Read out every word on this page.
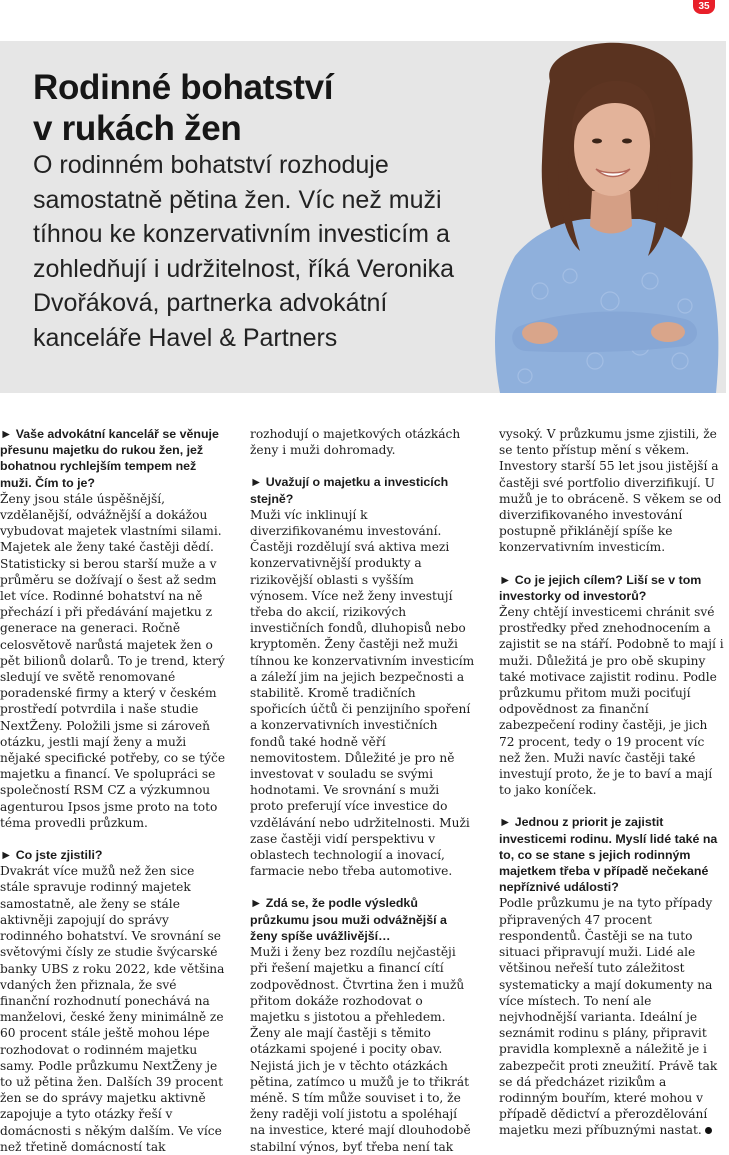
35
Rodinné bohatství
v rukách žen

O rodinném bohatství rozhoduje samostatně pětina žen. Víc než muži tíhnou ke konzervativním investicím a zohledňují i udržitelnost, říká Veronika Dvořáková, partnerka advokátní kanceláře Havel & Partners

► Vaše advokátní kancelář se věnuje přesunu majetku do rukou žen, jež bohatnou rychlejším tempem než muži. Čím to je?

Ženy jsou stále úspěšnější, vzdělanější, odvážnější a dokážou vybudovat majetek vlastními silami. Majetek ale ženy také častěji dědí. Statisticky si berou starší muže a v průměru se dožívají o šest až sedm let více. Rodinné bohatství na ně přechází i při předávání majetku z generace na generaci. Ročně celosvětově narůstá majetek žen o pět bilionů dolarů. To je trend, který sledují ve světě renomované poradenské firmy a který v českém prostředí potvrdila i naše studie NextŽeny. Položili jsme si zároveň otázku, jestli mají ženy a muži nějaké specifické potřeby, co se týče majetku a financí. Ve spolupráci se společností RSM CZ a výzkumnou agenturou Ipsos jsme proto na toto téma provedli průzkum.

► Co jste zjistili?

Dvakrát více mužů než žen sice stále spravuje rodinný majetek samostatně, ale ženy se stále aktivněji zapojují do správy rodinného bohatství. Ve srovnání se světovými čísly ze studie švýcarské banky UBS z roku 2022, kde většina vdaných žen přiznala, že své finanční rozhodnutí ponechává na manželovi, české ženy minimálně ze 60 procent stále ještě mohou lépe rozhodovat o rodinném majetku samy. Podle průzkumu NextŽeny je to už pětina žen. Dalších 39 procent žen se do správy majetku aktivně zapojuje a tyto otázky řeší v domácnosti s někým dalším. Ve více než třetině domácností tak

rozhodují o majetkových otázkách ženy i muži dohromady.

► Uvažují o majetku a investicích stejně?

Muži víc inklinují k diverzifikovanému investování. Častěji rozdělují svá aktiva mezi konzervativnější produkty a rizikovější oblasti s vyšším výnosem. Více než ženy investují třeba do akcií, rizikových investičních fondů, dluhopisů nebo kryptoměn. Ženy častěji než muži tíhnou ke konzervativním investicím a záleží jim na jejich bezpečnosti a stabilitě. Kromě tradičních spořicích účtů či penzijního spoření a konzervativních investičních fondů také hodně věří nemovitostem. Důležité je pro ně investovat v souladu se svými hodnotami. Ve srovnání s muži proto preferují více investice do vzdělávání nebo udržitelnosti. Muži zase častěji vidí perspektivu v oblastech technologií a inovací, farmacie nebo třeba automotive.

► Zdá se, že podle výsledků průzkumu jsou muži odvážnější a ženy spíše uvážlivější…

Muži i ženy bez rozdílu nejčastěji při řešení majetku a financí cítí zodpovědnost. Čtvrtina žen i mužů přitom dokáže rozhodovat o majetku s jistotou a přehledem. Ženy ale mají častěji s těmito otázkami spojené i pocity obav. Nejistá jich je v těchto otázkách pětina, zatímco u mužů je to třikrát méně. S tím může souviset i to, že ženy raději volí jistotu a spoléhají na investice, které mají dlouhodobě stabilní výnos, byť třeba není tak

vysoký. V průzkumu jsme zjistili, že se tento přístup mění s věkem. Investory starší 55 let jsou jistější a častěji své portfolio diverzifikují. U mužů je to obráceně. S věkem se od diverzifikovaného investování postupně přiklánějí spíše ke konzervativním investicím.

► Co je jejich cílem? Liší se v tom investorky od investorů?

Ženy chtějí investicemi chránit své prostředky před znehodnocením a zajistit se na stáří. Podobně to mají i muži. Důležitá je pro obě skupiny také motivace zajistit rodinu. Podle průzkumu přitom muži pociťují odpovědnost za finanční zabezpečení rodiny častěji, je jich 72 procent, tedy o 19 procent víc než žen. Muži navíc častěji také investují proto, že je to baví a mají to jako koníček.

► Jednou z priorit je zajistit investicemi rodinu. Myslí lidé také na to, co se stane s jejich rodinným majetkem třeba v případě nečekané nepříznivé události?

Podle průzkumu je na tyto případy připravených 47 procent respondentů. Častěji se na tuto situaci připravují muži. Lidé ale většinou neřeší tuto záležitost systematicky a mají dokumenty na více místech. To není ale nejvhodnější varianta. Ideální je seznámit rodinu s plány, připravit pravidla komplexně a náležitě je i zabezpečit proti zneužití. Právě tak se dá předcházet rizikům a rodinným bouřím, které mohou v případě dědictví a přerozdělování majetku mezi příbuznými nastat.
